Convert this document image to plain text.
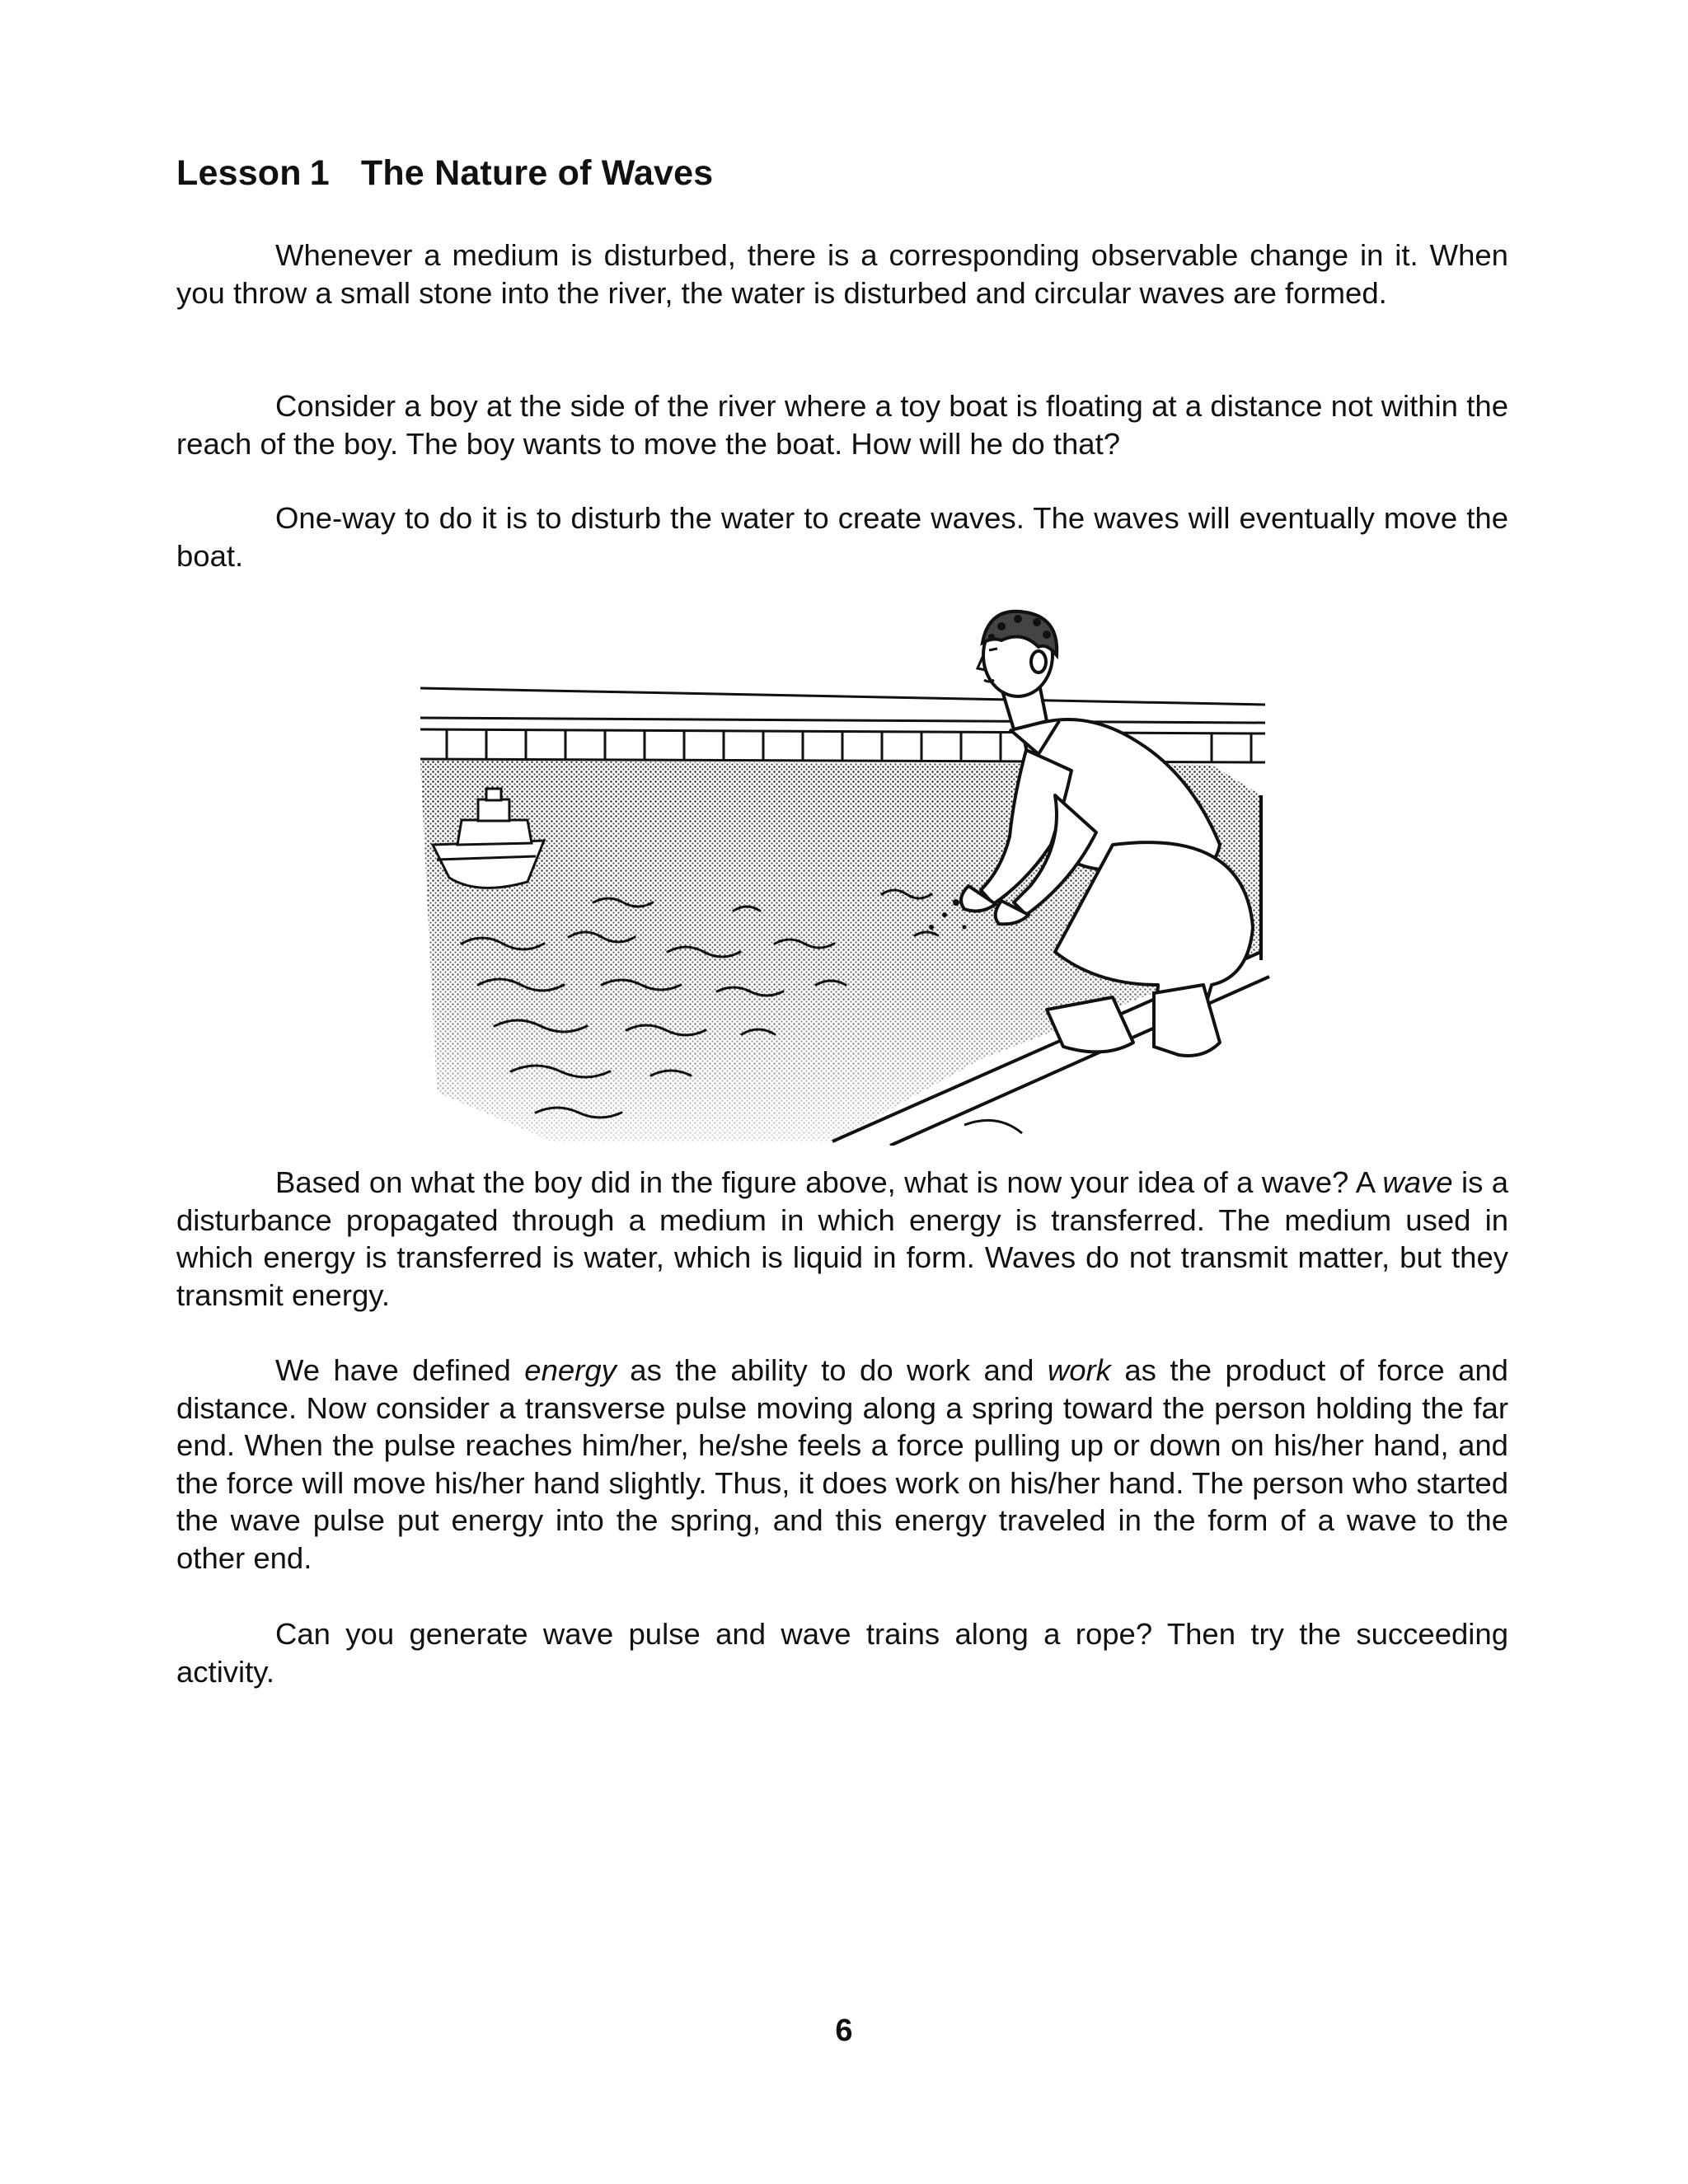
Lesson 1 The Nature of Waves

Whenever a medium is disturbed, there is a corresponding observable change in it. When you throw a small stone into the river, the water is disturbed and circular waves are formed.

Consider a boy at the side of the river where a toy boat is floating at a distance not within the reach of the boy. The boy wants to move the boat. How will he do that?

One-way to do it is to disturb the water to create waves. The waves will eventually move the boat.

Based on what the boy did in the figure above, what is now your idea of a wave? A wave is a disturbance propagated through a medium in which energy is transferred. The medium used in which energy is transferred is water, which is liquid in form. Waves do not transmit matter, but they transmit energy.

We have defined energy as the ability to do work and work as the product of force and distance. Now consider a transverse pulse moving along a spring toward the person holding the far end. When the pulse reaches him/her, he/she feels a force pulling up or down on his/her hand, and the force will move his/her hand slightly. Thus, it does work on his/her hand. The person who started the wave pulse put energy into the spring, and this energy traveled in the form of a wave to the other end.

Can you generate wave pulse and wave trains along a rope? Then try the succeeding activity.

6
